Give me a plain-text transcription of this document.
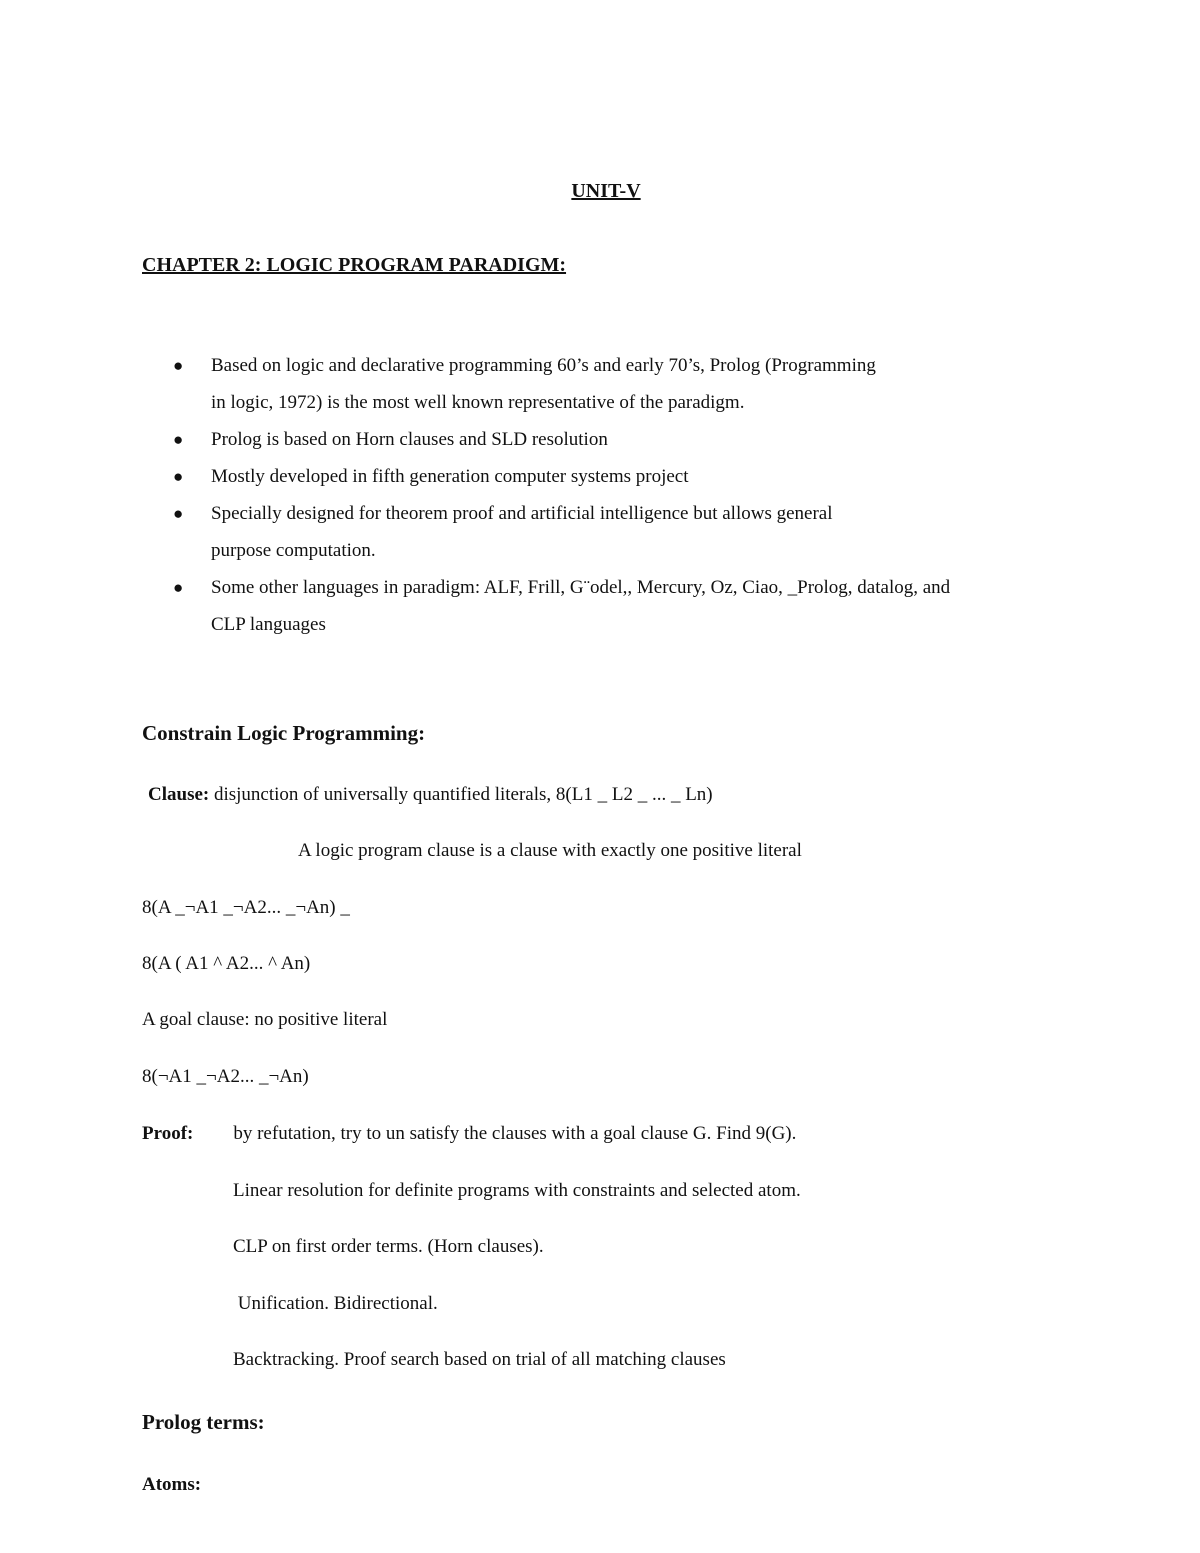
UNIT-V
CHAPTER 2: LOGIC PROGRAM PARADIGM:
● Based on logic and declarative programming 60’s and early 70’s, Prolog (Programming
in logic, 1972) is the most well known representative of the paradigm.
● Prolog is based on Horn clauses and SLD resolution
● Mostly developed in fifth generation computer systems project
● Specially designed for theorem proof and artificial intelligence but allows general
purpose computation.
● Some other languages in paradigm: ALF, Frill, G¨odel,, Mercury, Oz, Ciao, _Prolog, datalog, and
CLP languages
Constrain Logic Programming:
Clause: disjunction of universally quantified literals, 8(L1 _ L2 _ ... _ Ln)
A logic program clause is a clause with exactly one positive literal
8(A _¬A1 _¬A2... _¬An) _
8(A ( A1 ^ A2... ^ An)
A goal clause: no positive literal
8(¬A1 _¬A2... _¬An)
Proof: by refutation, try to un satisfy the clauses with a goal clause G. Find 9(G).
Linear resolution for definite programs with constraints and selected atom.
CLP on first order terms. (Horn clauses).
Unification. Bidirectional.
Backtracking. Proof search based on trial of all matching clauses
Prolog terms:
Atoms:
